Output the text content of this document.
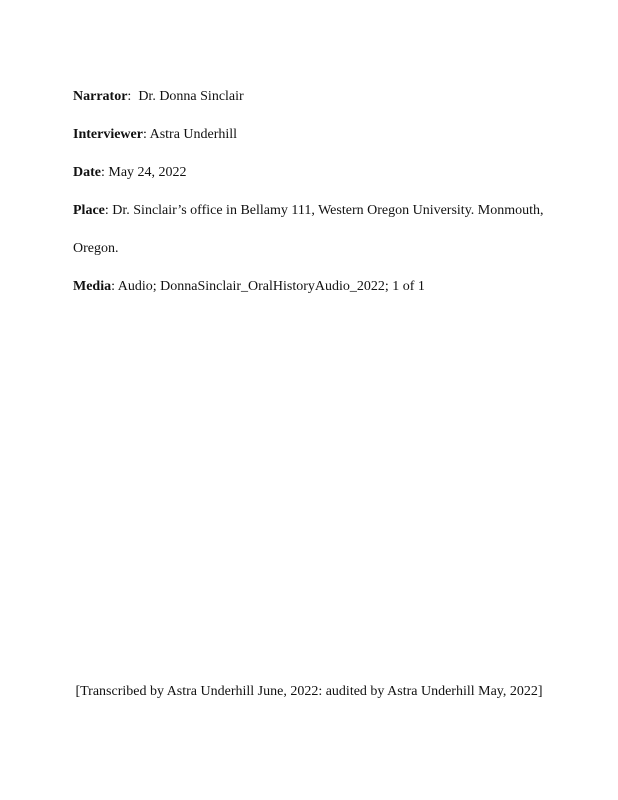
Narrator:  Dr. Donna Sinclair
Interviewer: Astra Underhill
Date: May 24, 2022
Place: Dr. Sinclair’s office in Bellamy 111, Western Oregon University. Monmouth,
Oregon.
Media: Audio; DonnaSinclair_OralHistoryAudio_2022; 1 of 1
[Transcribed by Astra Underhill June, 2022: audited by Astra Underhill May, 2022]
